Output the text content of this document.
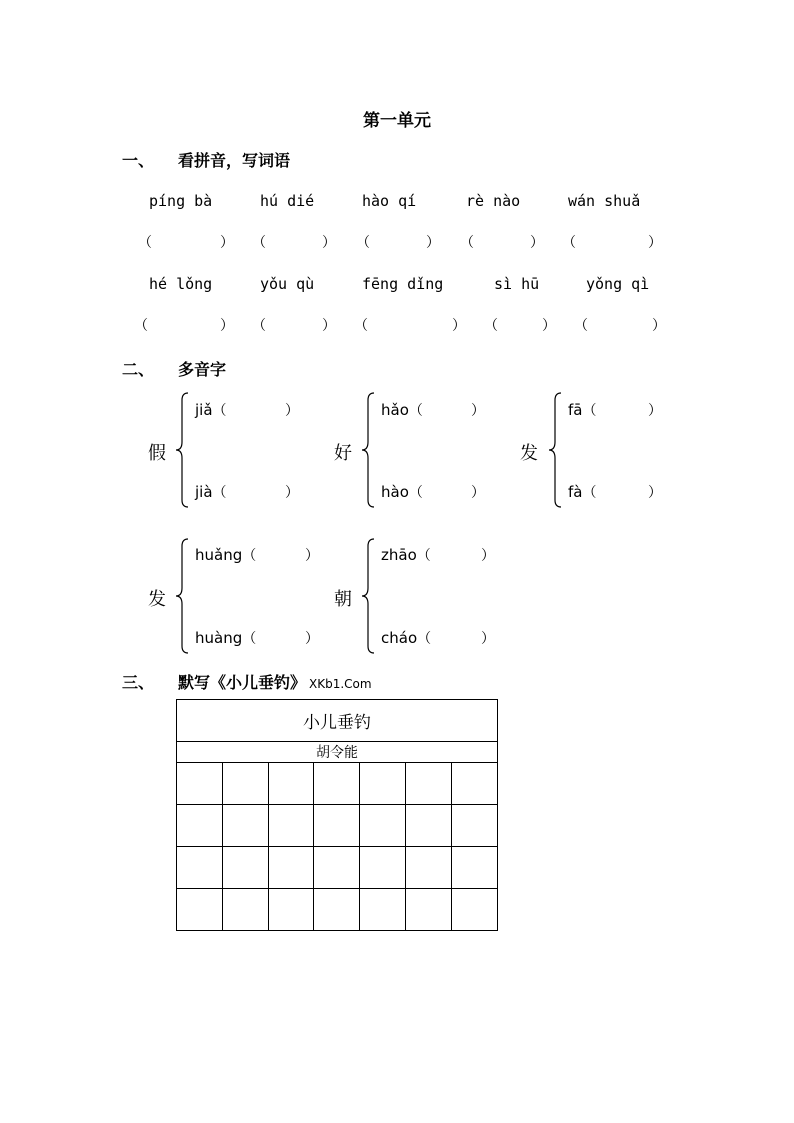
第一单元
一、 看拼音，写词语
píng bà	hú dié	hào qí	rè nào	wán shuǎ
（	） （	） （	） （	） （	）
hé lǒng	yǒu qù	fēng dǐng	sì hū	yǒng qì
（	） （	） （	） （	） （	）
二、 多音字
假
jiǎ（	）
jià（	）
好
hǎo（	）
hào（	）
发
fā（	）
fà（	）
发
huǎng（	）
huàng（	）
朝
zhāo（	）
cháo（	）
三、 默写《小儿垂钓》 XKb1.Com
小儿垂钓						
胡令能						
